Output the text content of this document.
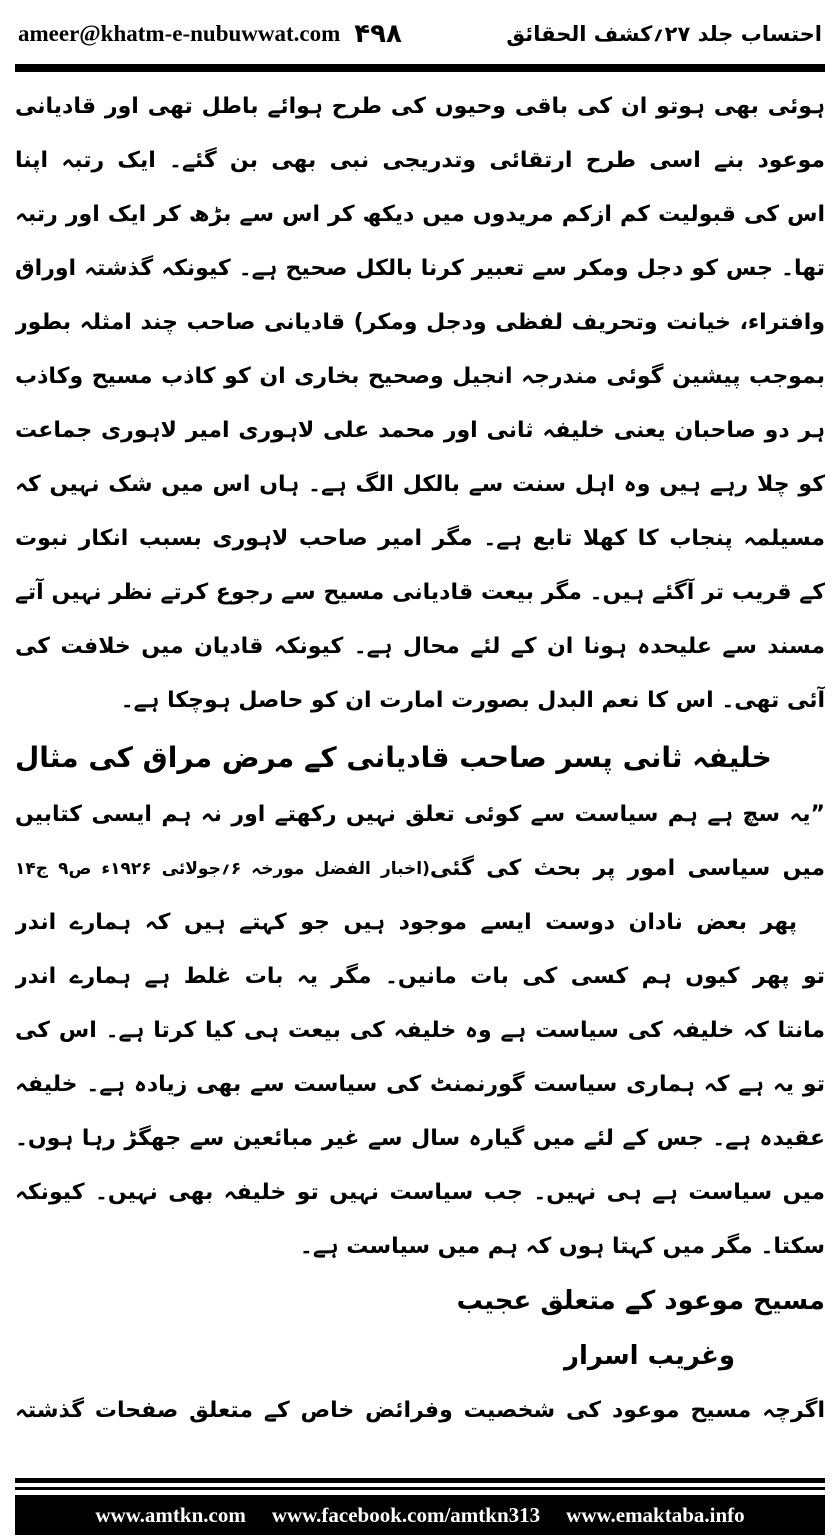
ameer@khatm-e-nubuwwat.com ۴۹۸	احتساب جلد ۲۷؍کشف الحقائق
ہوئی بھی ہوتو ان کی باقی وحیوں کی طرح ہوائے باطل تھی اور قادیانی
موعود بنے اسی طرح ارتقائی وتدریجی نبی بھی بن گئے۔ ایک رتبہ اپنا
اس کی قبولیت کم ازکم مریدوں میں دیکھ کر اس سے بڑھ کر ایک اور رتبہ
تھا۔ جس کو دجل ومکر سے تعبیر کرنا بالکل صحیح ہے۔ کیونکہ گذشتہ اوراق
وافتراء، خیانت وتحریف لفظی ودجل ومکر) قادیانی صاحب چند امثلہ بطور
بموجب پیشین گوئی مندرجہ انجیل وصحیح بخاری ان کو کاذب مسیح وکاذب
ہر دو صاحبان یعنی خلیفہ ثانی اور محمد علی لاہوری امیر لاہوری جماعت
کو چلا رہے ہیں وہ اہل سنت سے بالکل الگ ہے۔ ہاں اس میں شک نہیں کہ
مسیلمہ پنجاب کا کھلا تابع ہے۔ مگر امیر صاحب لاہوری بسبب انکار نبوت
کے قریب تر آگئے ہیں۔ مگر بیعت قادیانی مسیح سے رجوع کرتے نظر نہیں آتے
مسند سے علیحدہ ہونا ان کے لئے محال ہے۔ کیونکہ قادیان میں خلافت کی
آئی تھی۔ اس کا نعم البدل بصورت امارت ان کو حاصل ہوچکا ہے۔
خلیفہ ثانی پسر صاحب قادیانی کے مرض مراق کی مثال
”یہ سچ ہے ہم سیاست سے کوئی تعلق نہیں رکھتے اور نہ ہم ایسی کتابیں
میں سیاسی امور پر بحث کی گئی
(اخبار الفضل مورخہ ۶؍جولائی ۱۹۲۶ء ص۹ ج۱۴
پھر بعض نادان دوست ایسے موجود ہیں جو کہتے ہیں کہ ہمارے اندر
تو پھر کیوں ہم کسی کی بات مانیں۔ مگر یہ بات غلط ہے ہمارے اندر
مانتا کہ خلیفہ کی سیاست ہے وہ خلیفہ کی بیعت ہی کیا کرتا ہے۔ اس کی
تو یہ ہے کہ ہماری سیاست گورنمنٹ کی سیاست سے بھی زیادہ ہے۔ خلیفہ
عقیدہ ہے۔ جس کے لئے میں گیارہ سال سے غیر مبائعین سے جھگڑ رہا ہوں۔
میں سیاست ہے ہی نہیں۔ جب سیاست نہیں تو خلیفہ بھی نہیں۔ کیونکہ
سکتا۔ مگر میں کہتا ہوں کہ ہم میں سیاست ہے۔
مسیح موعود کے متعلق عجیب
وغریب اسرار
اگرچہ مسیح موعود کی شخصیت وفرائض خاص کے متعلق صفحات گذشتہ
www.amtkn.com www.facebook.com/amtkn313 www.emaktaba.info
